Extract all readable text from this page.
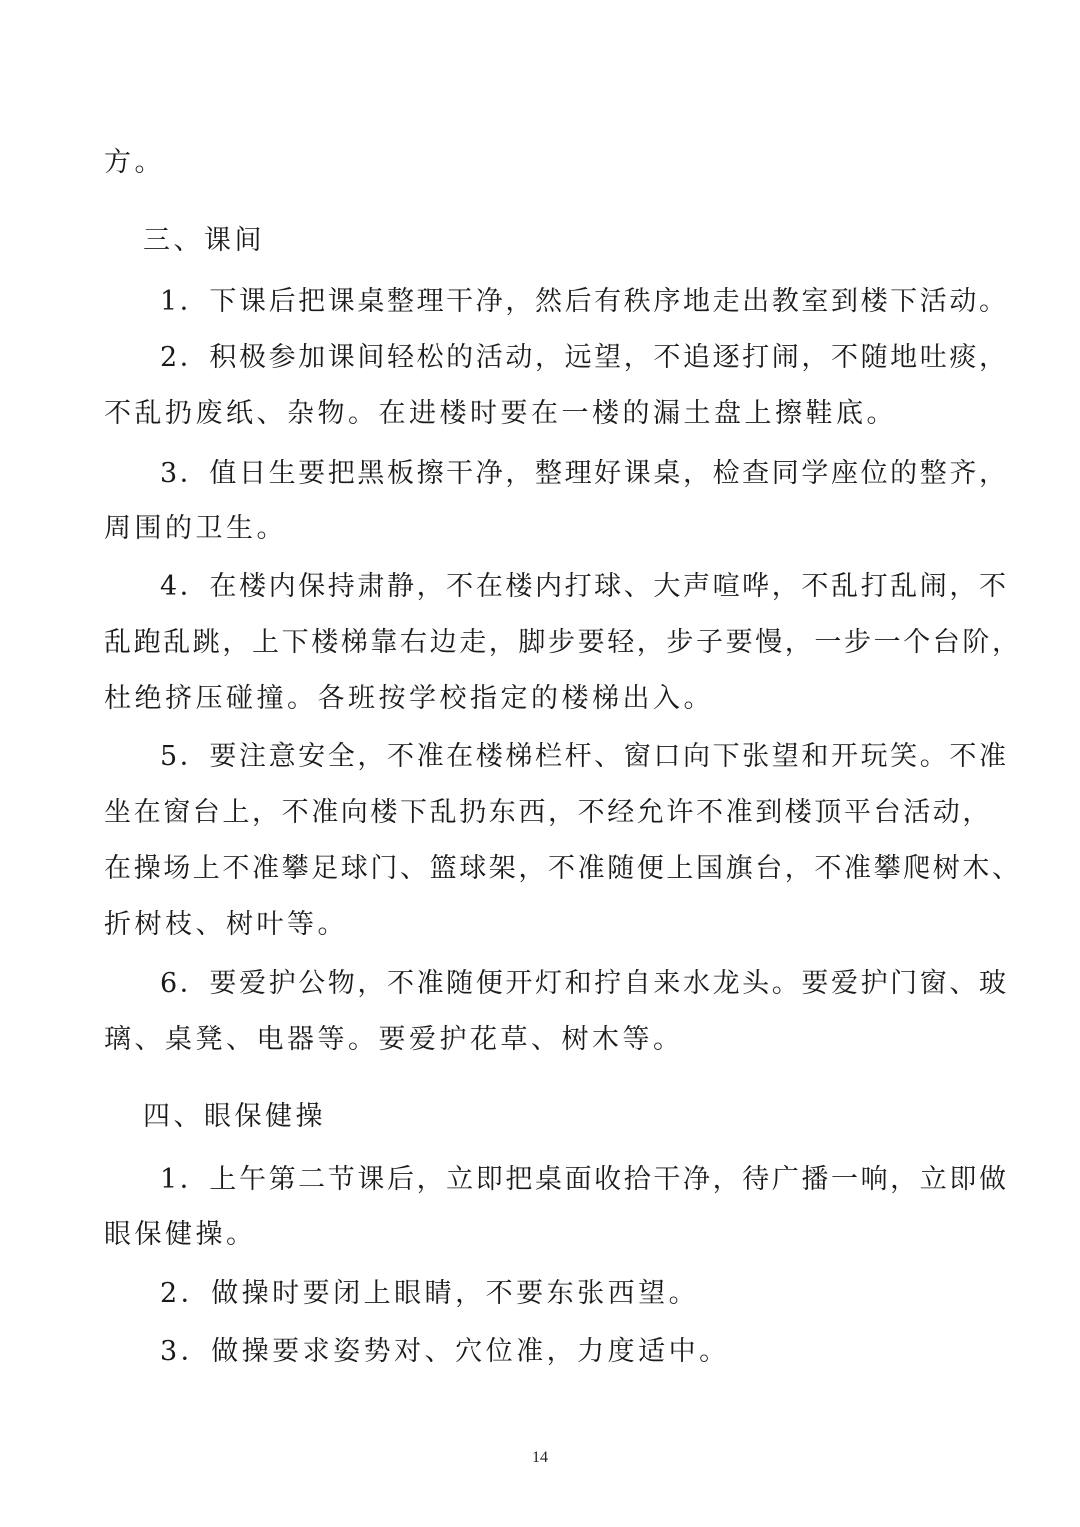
方。
三、课间
1．下课后把课桌整理干净，然后有秩序地走出教室到楼下活动。
2．积极参加课间轻松的活动，远望，不追逐打闹，不随地吐痰，
不乱扔废纸、杂物。在进楼时要在一楼的漏土盘上擦鞋底。
3．值日生要把黑板擦干净，整理好课桌，检查同学座位的整齐，
周围的卫生。
4．在楼内保持肃静，不在楼内打球、大声喧哗，不乱打乱闹，不
乱跑乱跳，上下楼梯靠右边走，脚步要轻，步子要慢，一步一个台阶，
杜绝挤压碰撞。各班按学校指定的楼梯出入。
5．要注意安全，不准在楼梯栏杆、窗口向下张望和开玩笑。不准
坐在窗台上，不准向楼下乱扔东西，不经允许不准到楼顶平台活动，
在操场上不准攀足球门、篮球架，不准随便上国旗台，不准攀爬树木、
折树枝、树叶等。
6．要爱护公物，不准随便开灯和拧自来水龙头。要爱护门窗、玻
璃、桌凳、电器等。要爱护花草、树木等。
四、眼保健操
1．上午第二节课后，立即把桌面收拾干净，待广播一响，立即做
眼保健操。
2．做操时要闭上眼睛，不要东张西望。
3．做操要求姿势对、穴位准，力度适中。
14
